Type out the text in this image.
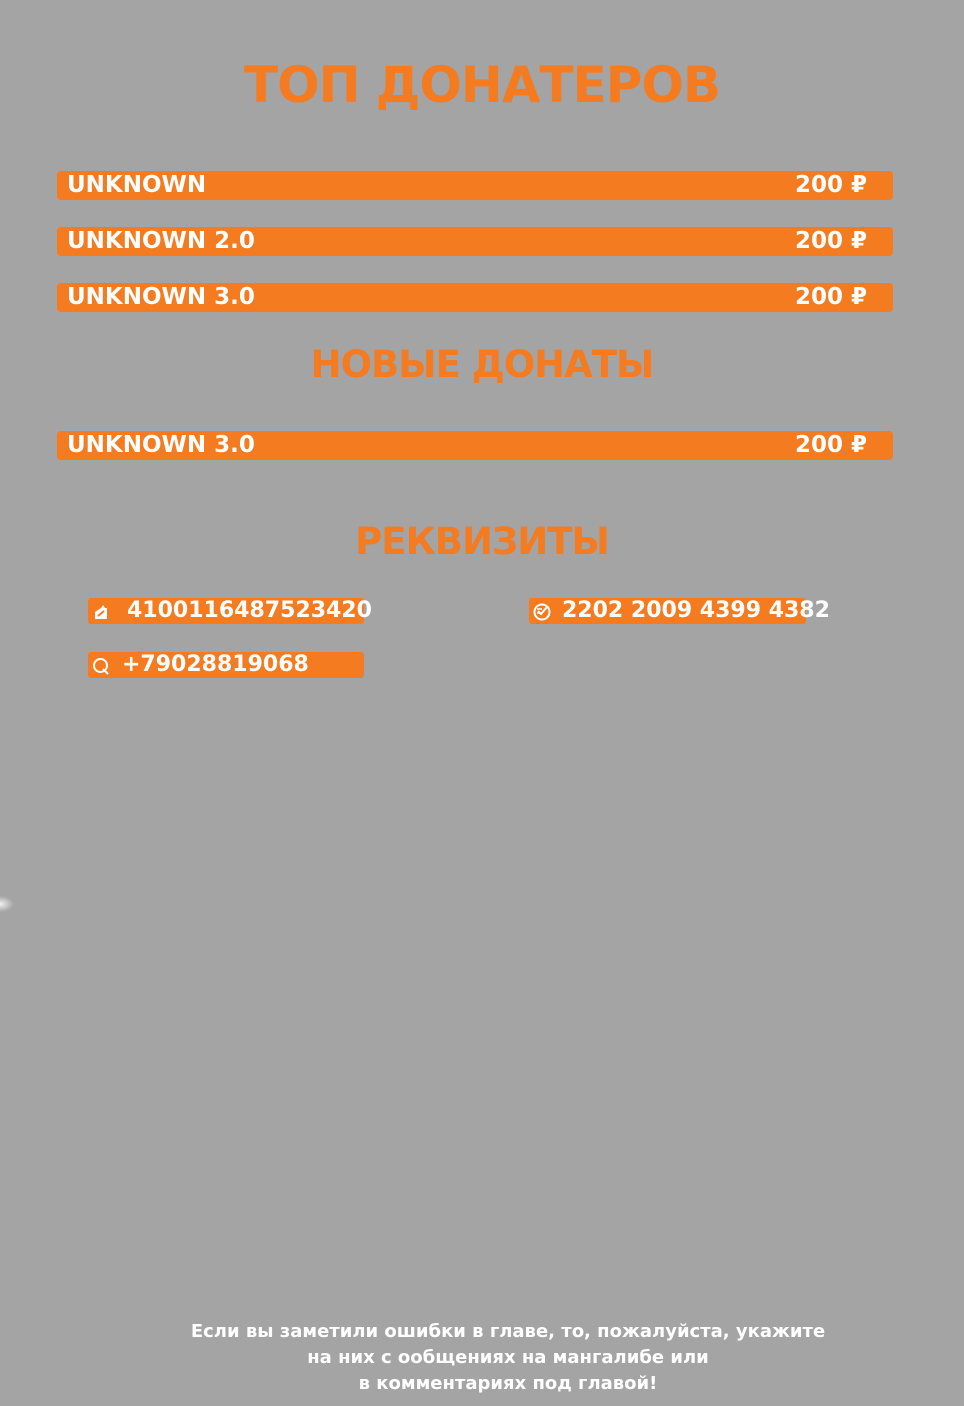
ТОП ДОНАТЕРОВ
UNKNOWN	200 ₽
UNKNOWN 2.0	200 ₽
UNKNOWN 3.0	200 ₽
НОВЫЕ ДОНАТЫ
UNKNOWN 3.0	200 ₽
РЕКВИЗИТЫ
4100116487523420	2202 2009 4399 4382
+79028819068
Если вы заметили ошибки в главе, то, пожалуйста, укажите
на них с ообщениях на мангалибе или
в комментариях под главой!
